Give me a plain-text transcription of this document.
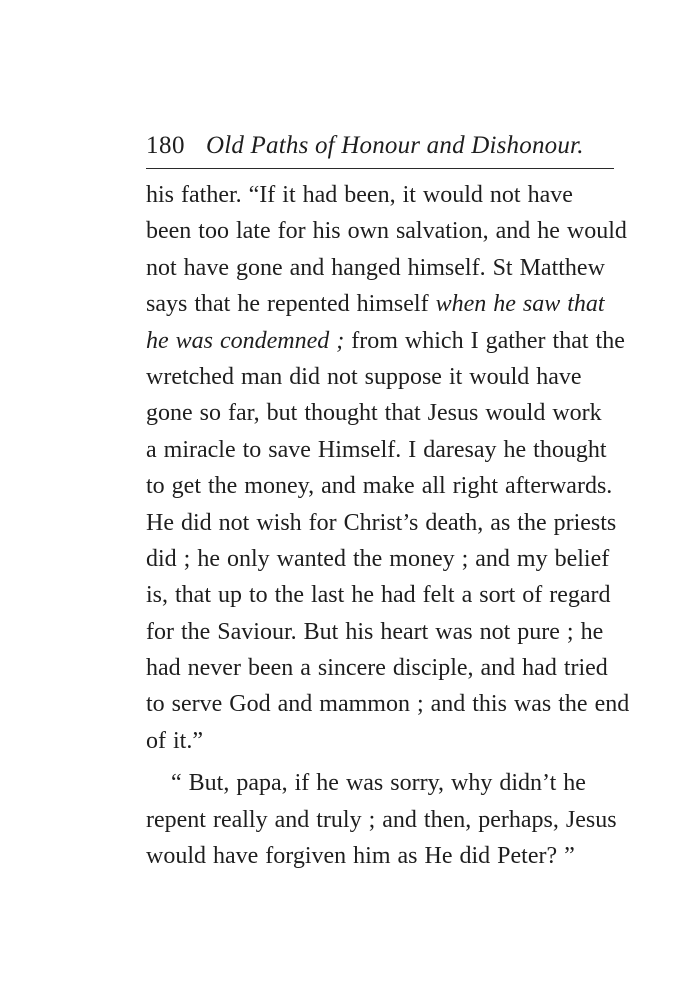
180 Old Paths of Honour and Dishonour.
his father. “If it had been, it would not have
been too late for his own salvation, and he would
not have gone and hanged himself. St Matthew
says that he repented himself when he saw that
he was condemned ; from which I gather that the
wretched man did not suppose it would have
gone so far, but thought that Jesus would work
a miracle to save Himself. I daresay he thought
to get the money, and make all right afterwards.
He did not wish for Christ’s death, as the priests
did ; he only wanted the money ; and my belief
is, that up to the last he had felt a sort of regard
for the Saviour. But his heart was not pure ; he
had never been a sincere disciple, and had tried
to serve God and mammon ; and this was the end
of it.”
“ But, papa, if he was sorry, why didn’t he
repent really and truly ; and then, perhaps, Jesus
would have forgiven him as He did Peter? ”
